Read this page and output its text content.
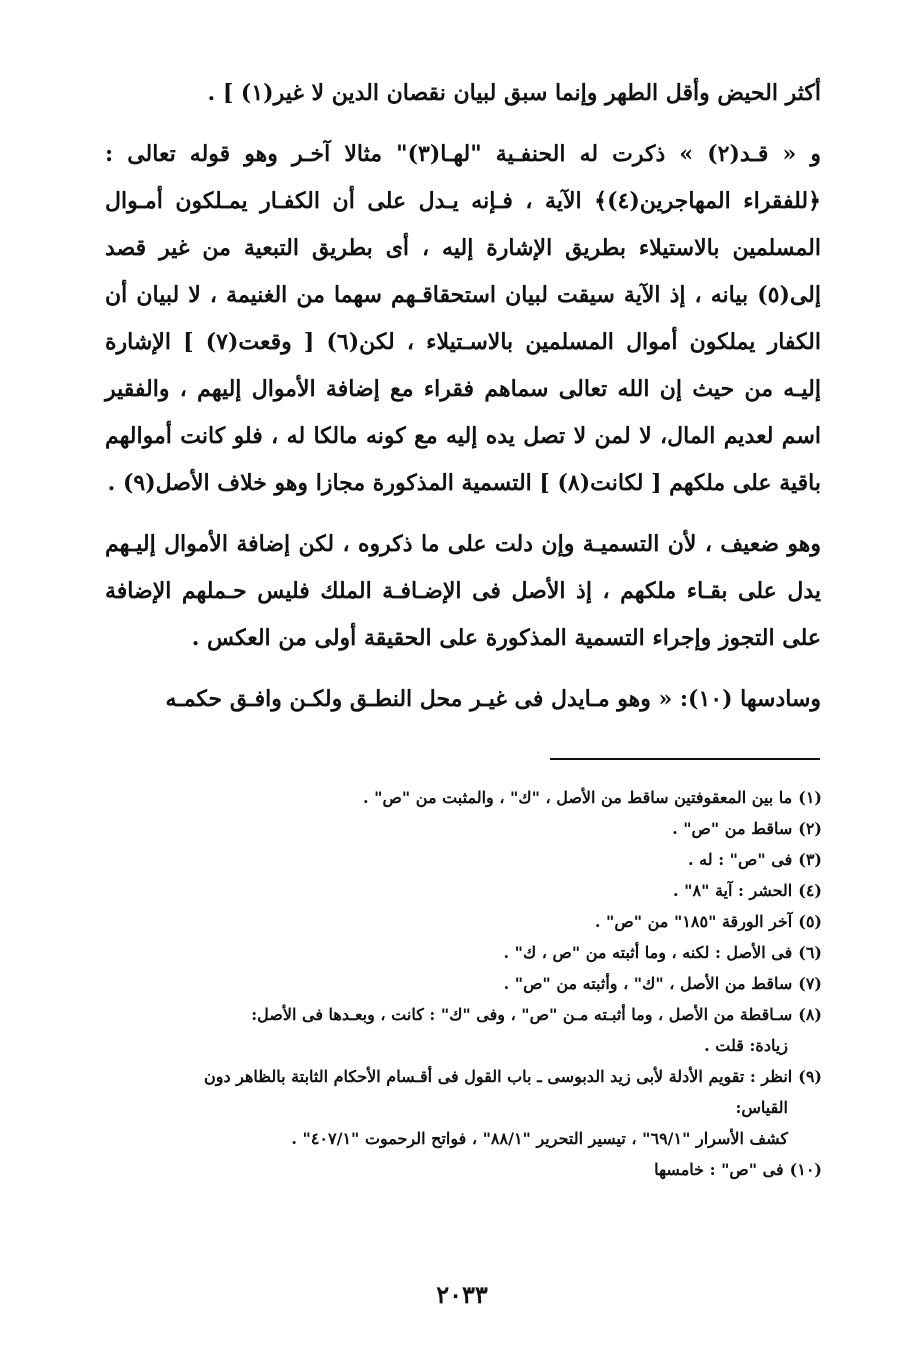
أكثر الحيض وأقل الطهر وإنما سبق لبيان نقصان الدين لا غير(١) ] .

و « قـد(٢) » ذكرت له الحنفـية "لهـا(٣)" مثالا آخـر وهو قوله تعالى : ﴿للفقراء المهاجرين(٤)﴾ الآية ، فـإنه يـدل على أن الكفـار يمـلكون أمـوال المسلمين بالاستيلاء بطريق الإشارة إليه ، أى بطريق التبعية من غير قصد إلى(٥) بيانه ، إذ الآية سيقت لبيان استحقاقـهم سهما من الغنيمة ، لا لبيان أن الكفار يملكون أموال المسلمين بالاسـتيلاء ، لكن(٦) [ وقعت(٧) ] الإشارة إليـه من حيث إن الله تعالى سماهم فقراء مع إضافة الأموال إليهم ، والفقير اسم لعديم المال، لا لمن لا تصل يده إليه مع كونه مالكا له ، فلو كانت أموالهم باقية على ملكهم [ لكانت(٨) ] التسمية المذكورة مجازا وهو خلاف الأصل(٩) .

وهو ضعيف ، لأن التسميـة وإن دلت على ما ذكروه ، لكن إضافة الأموال إليـهم يدل على بقـاء ملكهم ، إذ الأصل فى الإضـافـة الملك فليس حـملهم الإضافة على التجوز وإجراء التسمية المذكورة على الحقيقة أولى من العكس .

وسادسها (١٠): « وهو مـايدل فى غيـر محل النطـق ولكـن وافـق حكمـه

(١)ما بين المعقوفتين ساقط من الأصل ، "ك" ، والمثبت من "ص" .

(٢)ساقط من "ص" .

(٣)فى "ص" : له .

(٤)الحشر : آية "٨" .

(٥)آخر الورقة "١٨٥" من "ص" .

(٦)فى الأصل : لكنه ، وما أثبته من "ص ، ك" .

(٧)ساقط من الأصل ، "ك" ، وأثبته من "ص" .

(٨)سـاقطة من الأصل ، وما أثبـته مـن "ص" ، وفى "ك" : كانت ، وبعـدها فى الأصل:

زيادة: قلت .

(٩)انظر : تقويم الأدلة لأبى زيد الدبوسى ـ باب القول فى أقـسام الأحكام الثابتة بالظاهر دون

القياس:

كشف الأسرار "٦٩/١" ، تيسير التحرير "٨٨/١" ، فواتح الرحموت "٤٠٧/١" .

(١٠)فى "ص" : خامسها

٢٠٣٣
